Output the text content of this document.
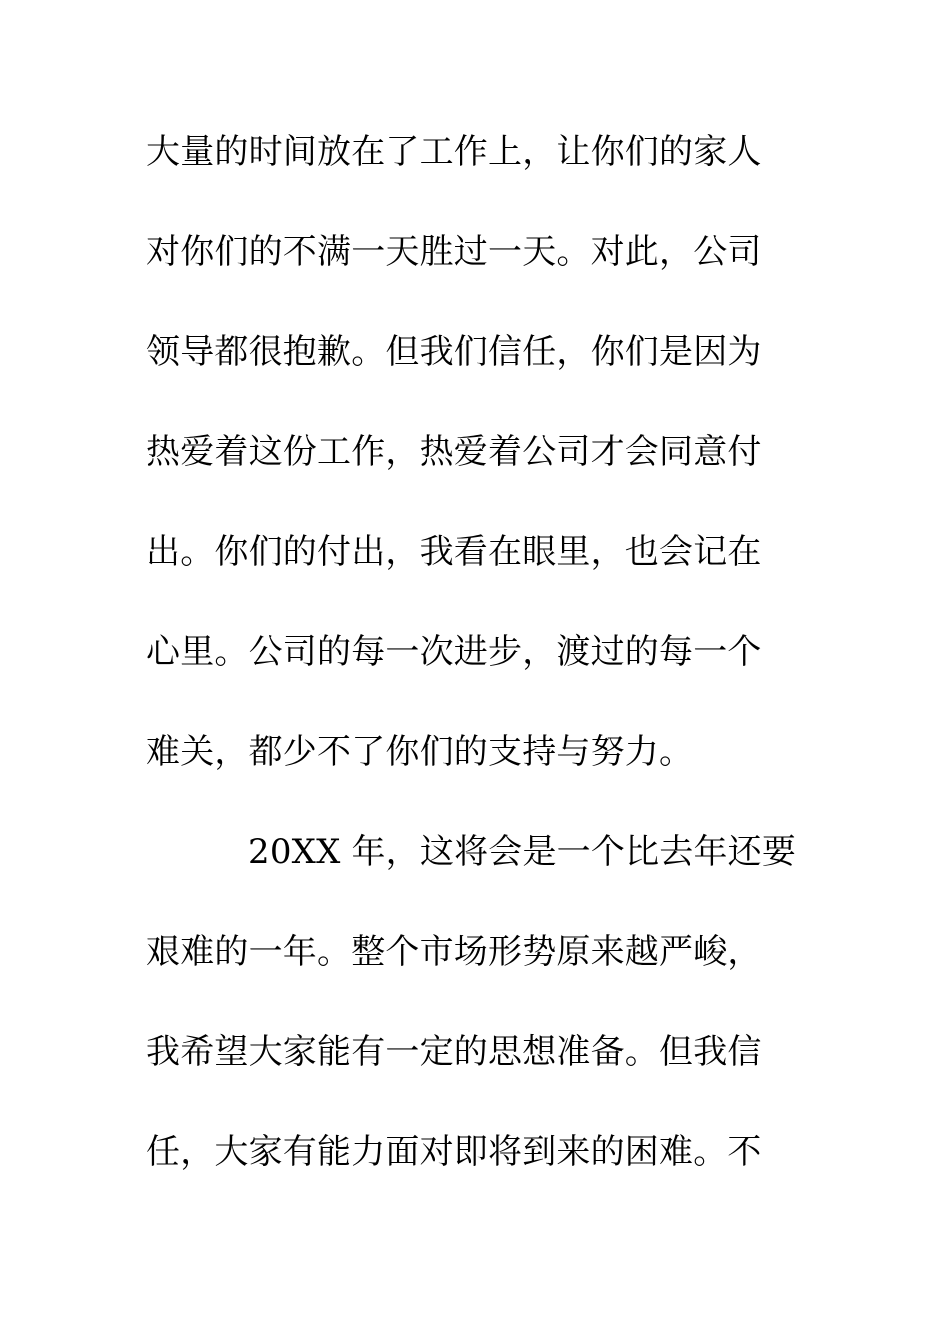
大量的时间放在了工作上，让你们的家人

对你们的不满一天胜过一天。对此，公司

领导都很抱歉。但我们信任，你们是因为

热爱着这份工作，热爱着公司才会同意付

出。你们的付出，我看在眼里，也会记在

心里。公司的每一次进步，渡过的每一个

难关，都少不了你们的支持与努力。

20XX 年，这将会是一个比去年还要

艰难的一年。整个市场形势原来越严峻，

我希望大家能有一定的思想准备。但我信

任，大家有能力面对即将到来的困难。不
